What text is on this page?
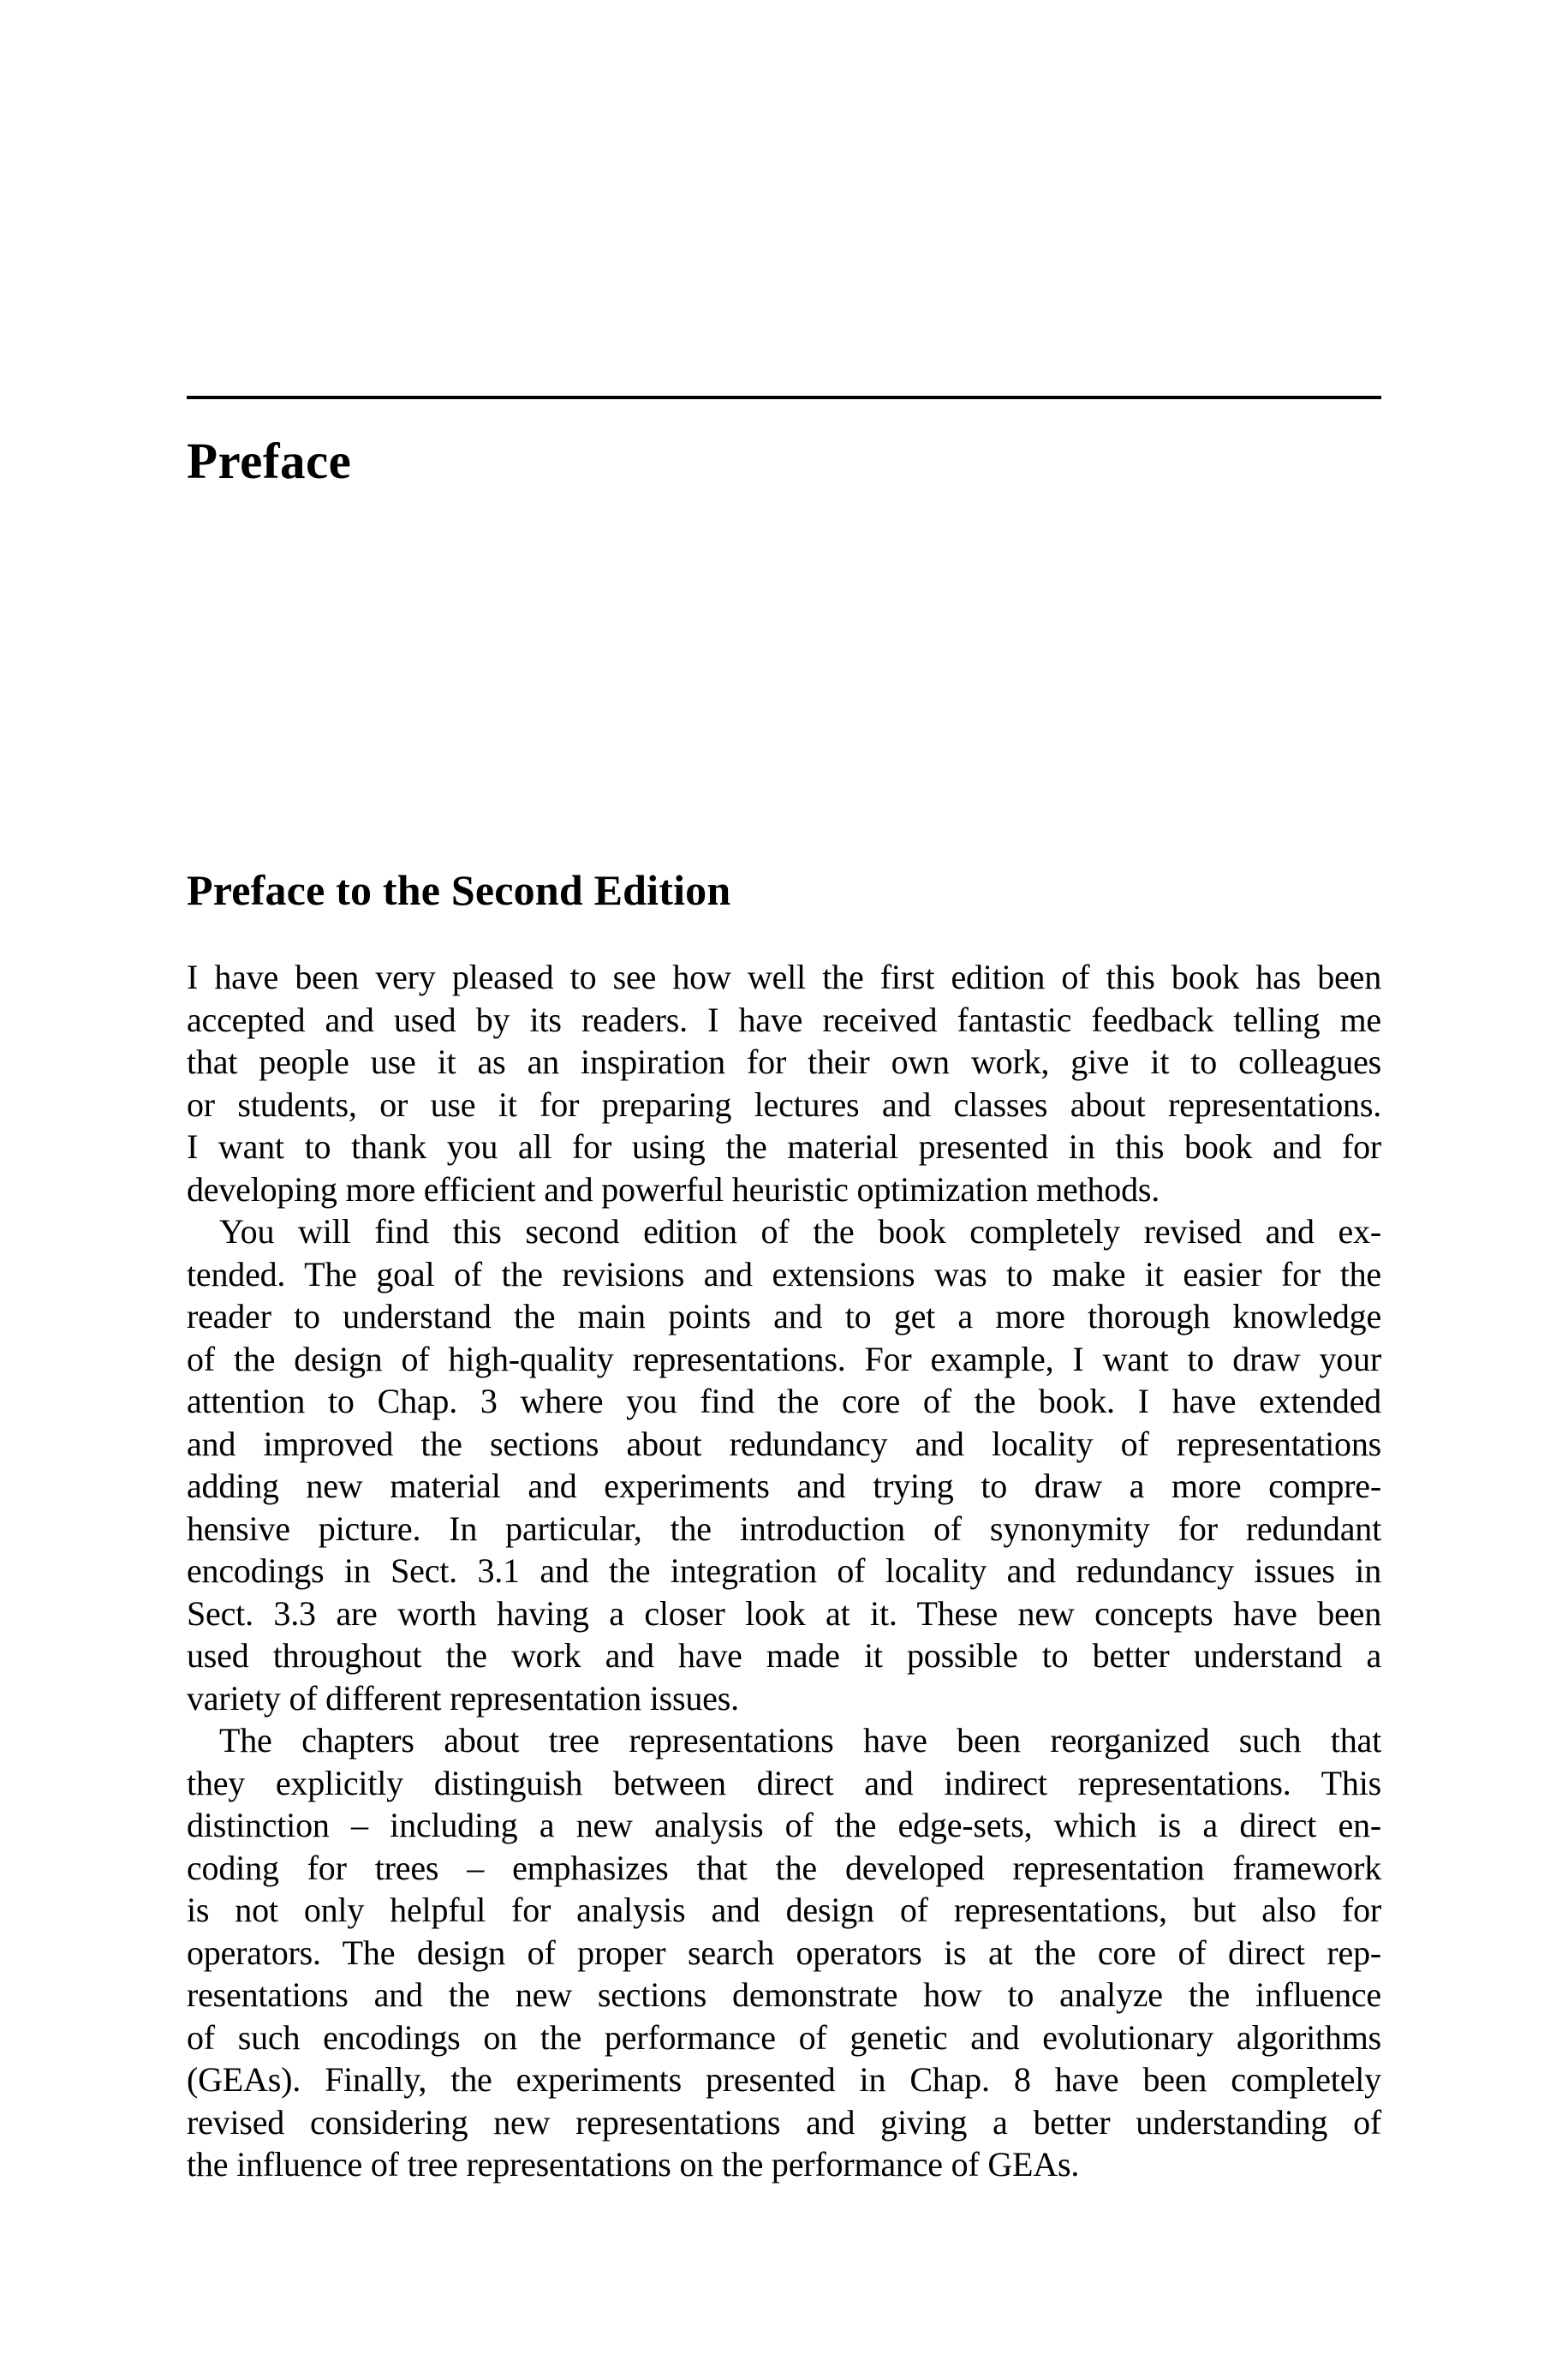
Preface
Preface to the Second Edition
I have been very pleased to see how well the first edition of this book has been
accepted and used by its readers. I have received fantastic feedback telling me
that people use it as an inspiration for their own work, give it to colleagues
or students, or use it for preparing lectures and classes about representations.
I want to thank you all for using the material presented in this book and for
developing more efficient and powerful heuristic optimization methods.
You will find this second edition of the book completely revised and ex-
tended. The goal of the revisions and extensions was to make it easier for the
reader to understand the main points and to get a more thorough knowledge
of the design of high-quality representations. For example, I want to draw your
attention to Chap. 3 where you find the core of the book. I have extended
and improved the sections about redundancy and locality of representations
adding new material and experiments and trying to draw a more compre-
hensive picture. In particular, the introduction of synonymity for redundant
encodings in Sect. 3.1 and the integration of locality and redundancy issues in
Sect. 3.3 are worth having a closer look at it. These new concepts have been
used throughout the work and have made it possible to better understand a
variety of different representation issues.
The chapters about tree representations have been reorganized such that
they explicitly distinguish between direct and indirect representations. This
distinction – including a new analysis of the edge-sets, which is a direct en-
coding for trees – emphasizes that the developed representation framework
is not only helpful for analysis and design of representations, but also for
operators. The design of proper search operators is at the core of direct rep-
resentations and the new sections demonstrate how to analyze the influence
of such encodings on the performance of genetic and evolutionary algorithms
(GEAs). Finally, the experiments presented in Chap. 8 have been completely
revised considering new representations and giving a better understanding of
the influence of tree representations on the performance of GEAs.
